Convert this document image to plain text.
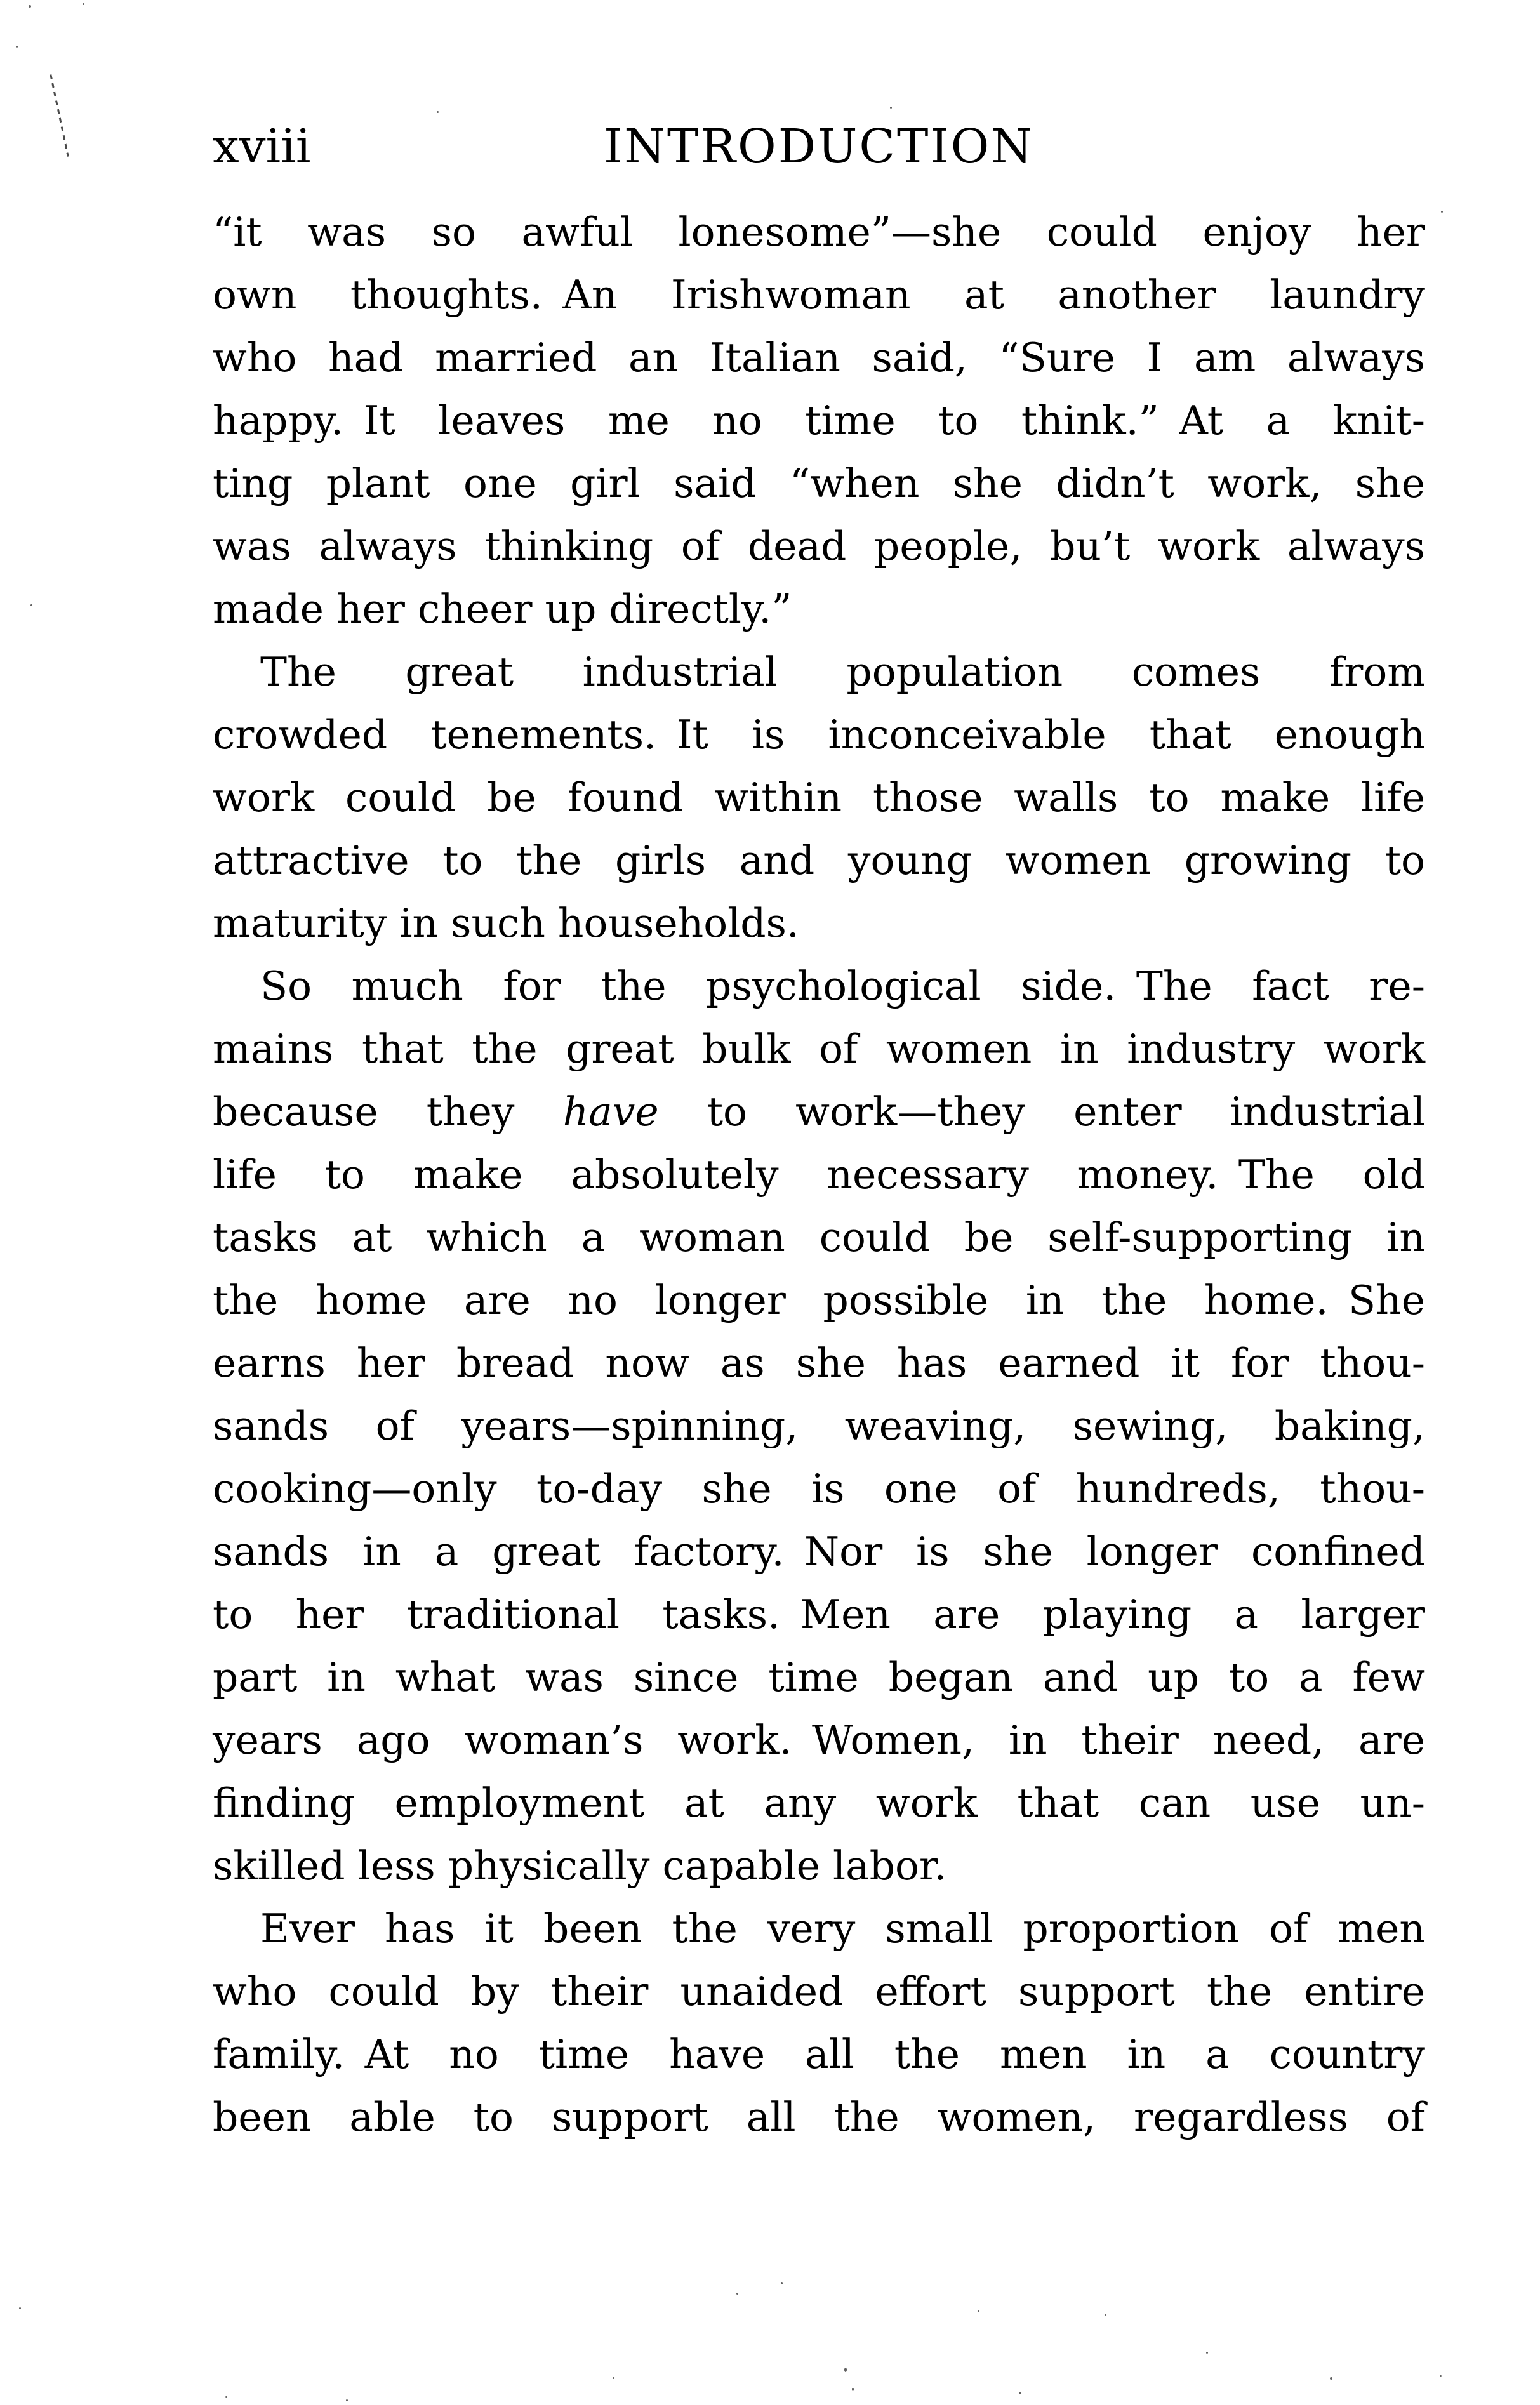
xviii	INTRODUCTION
“it was so awful lonesome”—she could enjoy her
own thoughts. An Irishwoman at another laundry
who had married an Italian said, “Sure I am always
happy. It leaves me no time to think.” At a knit-
ting plant one girl said “when she didn’t work, she
was always thinking of dead people, bu’t work always
made her cheer up directly.”
The great industrial population comes from
crowded tenements. It is inconceivable that enough
work could be found within those walls to make life
attractive to the girls and young women growing to
maturity in such households.
So much for the psychological side. The fact re-
mains that the great bulk of women in industry work
because they have to work—they enter industrial
life to make absolutely necessary money. The old
tasks at which a woman could be self-supporting in
the home are no longer possible in the home. She
earns her bread now as she has earned it for thou-
sands of years—spinning, weaving, sewing, baking,
cooking—only to-day she is one of hundreds, thou-
sands in a great factory. Nor is she longer confined
to her traditional tasks. Men are playing a larger
part in what was since time began and up to a few
years ago woman’s work. Women, in their need, are
finding employment at any work that can use un-
skilled less physically capable labor.
Ever has it been the very small proportion of men
who could by their unaided effort support the entire
family. At no time have all the men in a country
been able to support all the women, regardless of
